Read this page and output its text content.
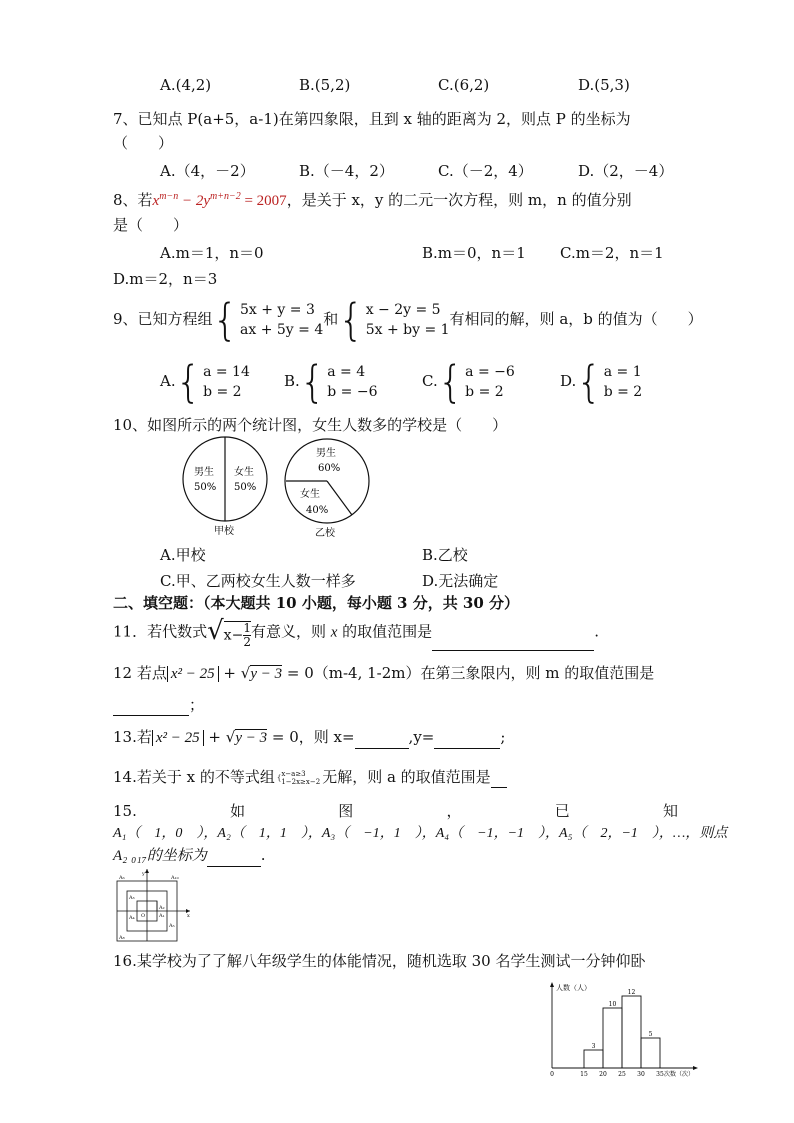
A.(4,2)	B.(5,2)	C.(6,2)	D.(5,3)
7、已知点 P(a+5，a-1)在第四象限，且到 x 轴的距离为 2，则点 P 的坐标为
（　　）
A.（4，－2）	B.（－4，2）	C.（－2，4）	D.（2，－4）
8、若$x^{m-n} - 2y^{m+n-2} = 2007$，是关于 x，y 的二元一次方程，则 m，n 的值分别
是（　　）
A.m＝1，n＝0	B.m＝0，n＝1 C.m＝2，n＝1
D.m＝2，n＝3
9、已知方程组{ 5x + y = 3
ax + 5y = 4和{ x − 2y = 5
5x + by = 1有相同的解，则 a，b 的值为（　　）
A.{ a = 14
b = 2
B.{ a = 4
b = −6
C.{ a = −6
b = 2
D.{ a = 1
b = 2
10、如图所示的两个统计图，女生人数多的学校是（　　）
男生
50%
女生
50%
甲校
男生
60%
女生
40%
乙校
A.甲校	B.乙校
C.甲、乙两校女生人数一样多	D.无法确定
二、填空题：（本大题共 10 小题，每小题 3 分，共 30 分）
11．若代数式$√x- \frac{1}{2}$ 有意义，则 x 的取值范围是	.
12 若点 x² − 25 + √y − 3 = 0（m-4, 1-2m）在第三象限内，则 m 的取值范围是
；
13.若 x² − 25 + √y − 3 = 0，则 x=	,y=	;
14.若关于 x 的不等式组 {x−a≥3
1−2x≥x−2 无解，则 a 的取值范围是
15.	如	图	，	已	知
A₁（　1，0　），A₂（　1，1　），A₃（　−1，1　），A₄（　−1，−1　），A₅（　2，−1　），…，则点
A₂ ₀₁₇的坐标为	.
y
x
O
A₂
A₁
A₃
A₄
A₅
A₆	A₁₀
A₈
16.某学校为了了解八年级学生的体能情况，随机选取 30 名学生测试一分钟仰卧
人数（人）
次数（次）
3
10
12
5
0	15 20 25 30 35
